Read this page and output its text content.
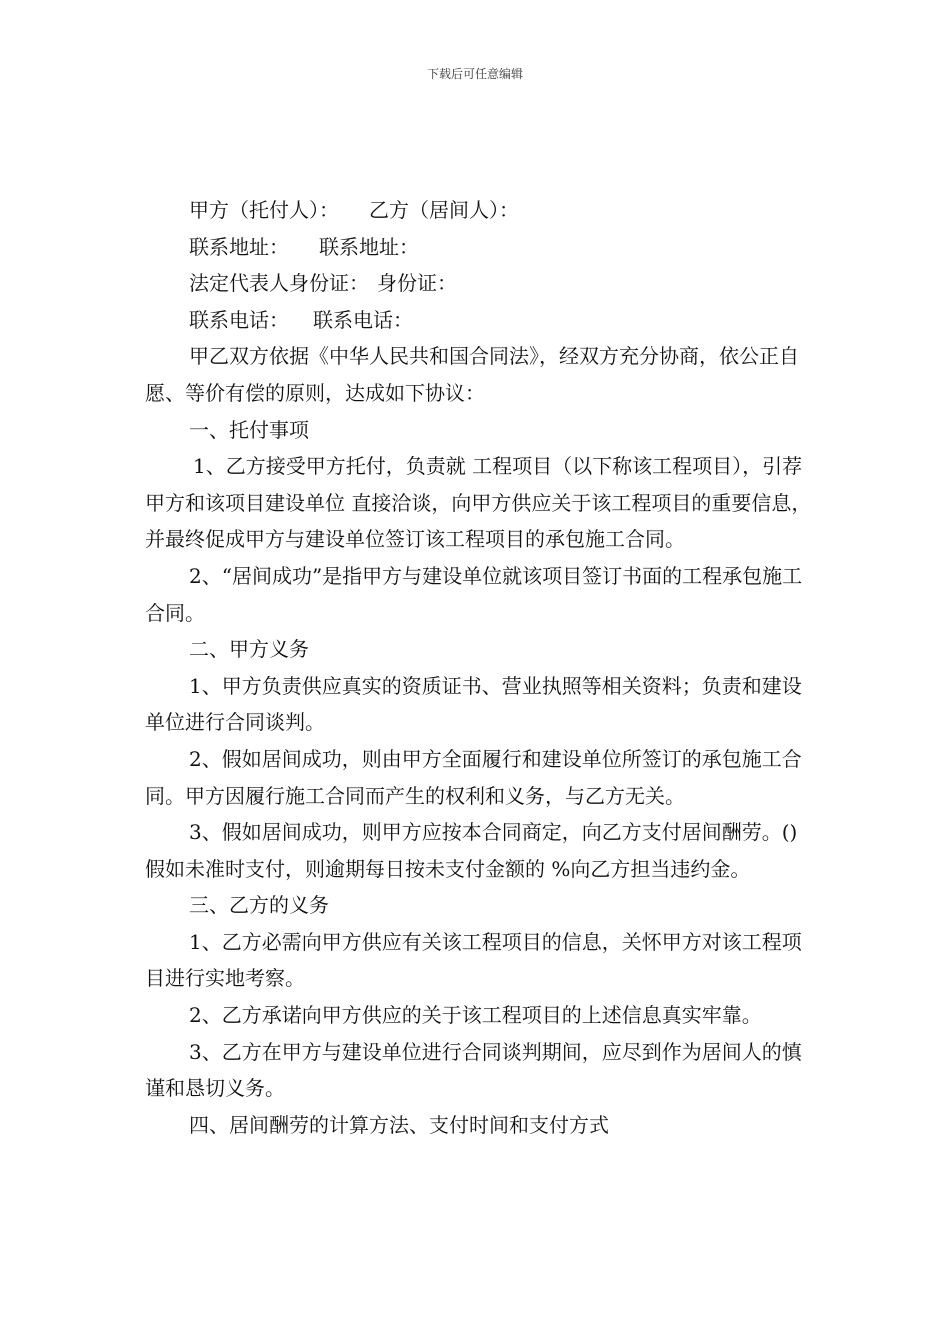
下载后可任意编辑

甲方（托付人）： 乙方（居间人）：

联系地址： 联系地址：

法定代表人身份证： 身份证：

联系电话： 联系电话：

甲乙双方依据《中华人民共和国合同法》，经双方充分协商，依公正自愿、等价有偿的原则，达成如下协议：

一、托付事项

1、乙方接受甲方托付，负责就 工程项目（以下称该工程项目），引荐甲方和该项目建设单位 直接洽谈，向甲方供应关于该工程项目的重要信息，并最终促成甲方与建设单位签订该工程项目的承包施工合同。

2、“居间成功”是指甲方与建设单位就该项目签订书面的工程承包施工合同。

二、甲方义务

1、甲方负责供应真实的资质证书、营业执照等相关资料；负责和建设单位进行合同谈判。

2、假如居间成功，则由甲方全面履行和建设单位所签订的承包施工合同。甲方因履行施工合同而产生的权利和义务，与乙方无关。

3、假如居间成功，则甲方应按本合同商定，向乙方支付居间酬劳。()假如未准时支付，则逾期每日按未支付金额的 %向乙方担当违约金。

三、乙方的义务

1、乙方必需向甲方供应有关该工程项目的信息，关怀甲方对该工程项目进行实地考察。

2、乙方承诺向甲方供应的关于该工程项目的上述信息真实牢靠。

3、乙方在甲方与建设单位进行合同谈判期间，应尽到作为居间人的慎谨和恳切义务。

四、居间酬劳的计算方法、支付时间和支付方式
